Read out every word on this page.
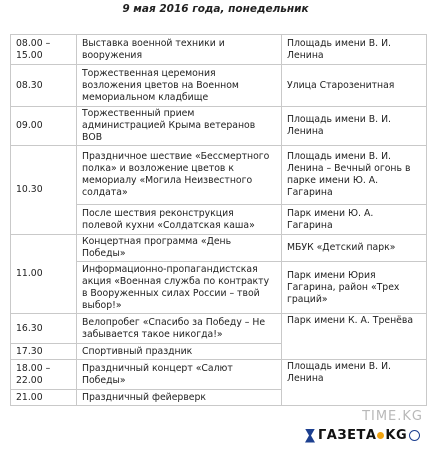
9 мая 2016 года, понедельник
08.00 –
15.00	Выставка военной техники и вооружения	Площадь имени В. И. Ленина
08.30	Торжественная церемония возложения цветов на Военном мемориальном кладбище	Улица Старозенитная
09.00	Торжественный прием администрацией Крыма ветеранов ВОВ	Площадь имени В. И. Ленина
10.30	Праздничное шествие «Бессмертного полка» и возложение цветов к мемориалу «Могила Неизвестного солдата»	Площадь имени В. И. Ленина – Вечный огонь в парке имени Ю. А. Гагарина
	После шествия реконструкция полевой кухни «Солдатская каша»	Парк имени Ю. А. Гагарина
11.00	Концертная программа «День Победы»	МБУК «Детский парк»
	Информационно-пропагандистская акция «Военная служба по контракту в Вооруженных силах России – твой выбор!»	Парк имени Юрия Гагарина, район «Трех граций»
16.30	Велопробег «Спасибо за Победу – Не забывается такое никогда!»	Парк имени К. А. Тренёва
17.30	Спортивный праздник	
18.00 –
22.00	Праздничный концерт «Салют Победы»	Площадь имени В. И. Ленина
21.00	Праздничный фейерверк	
TIME.KG
ГАЗЕТА KG
